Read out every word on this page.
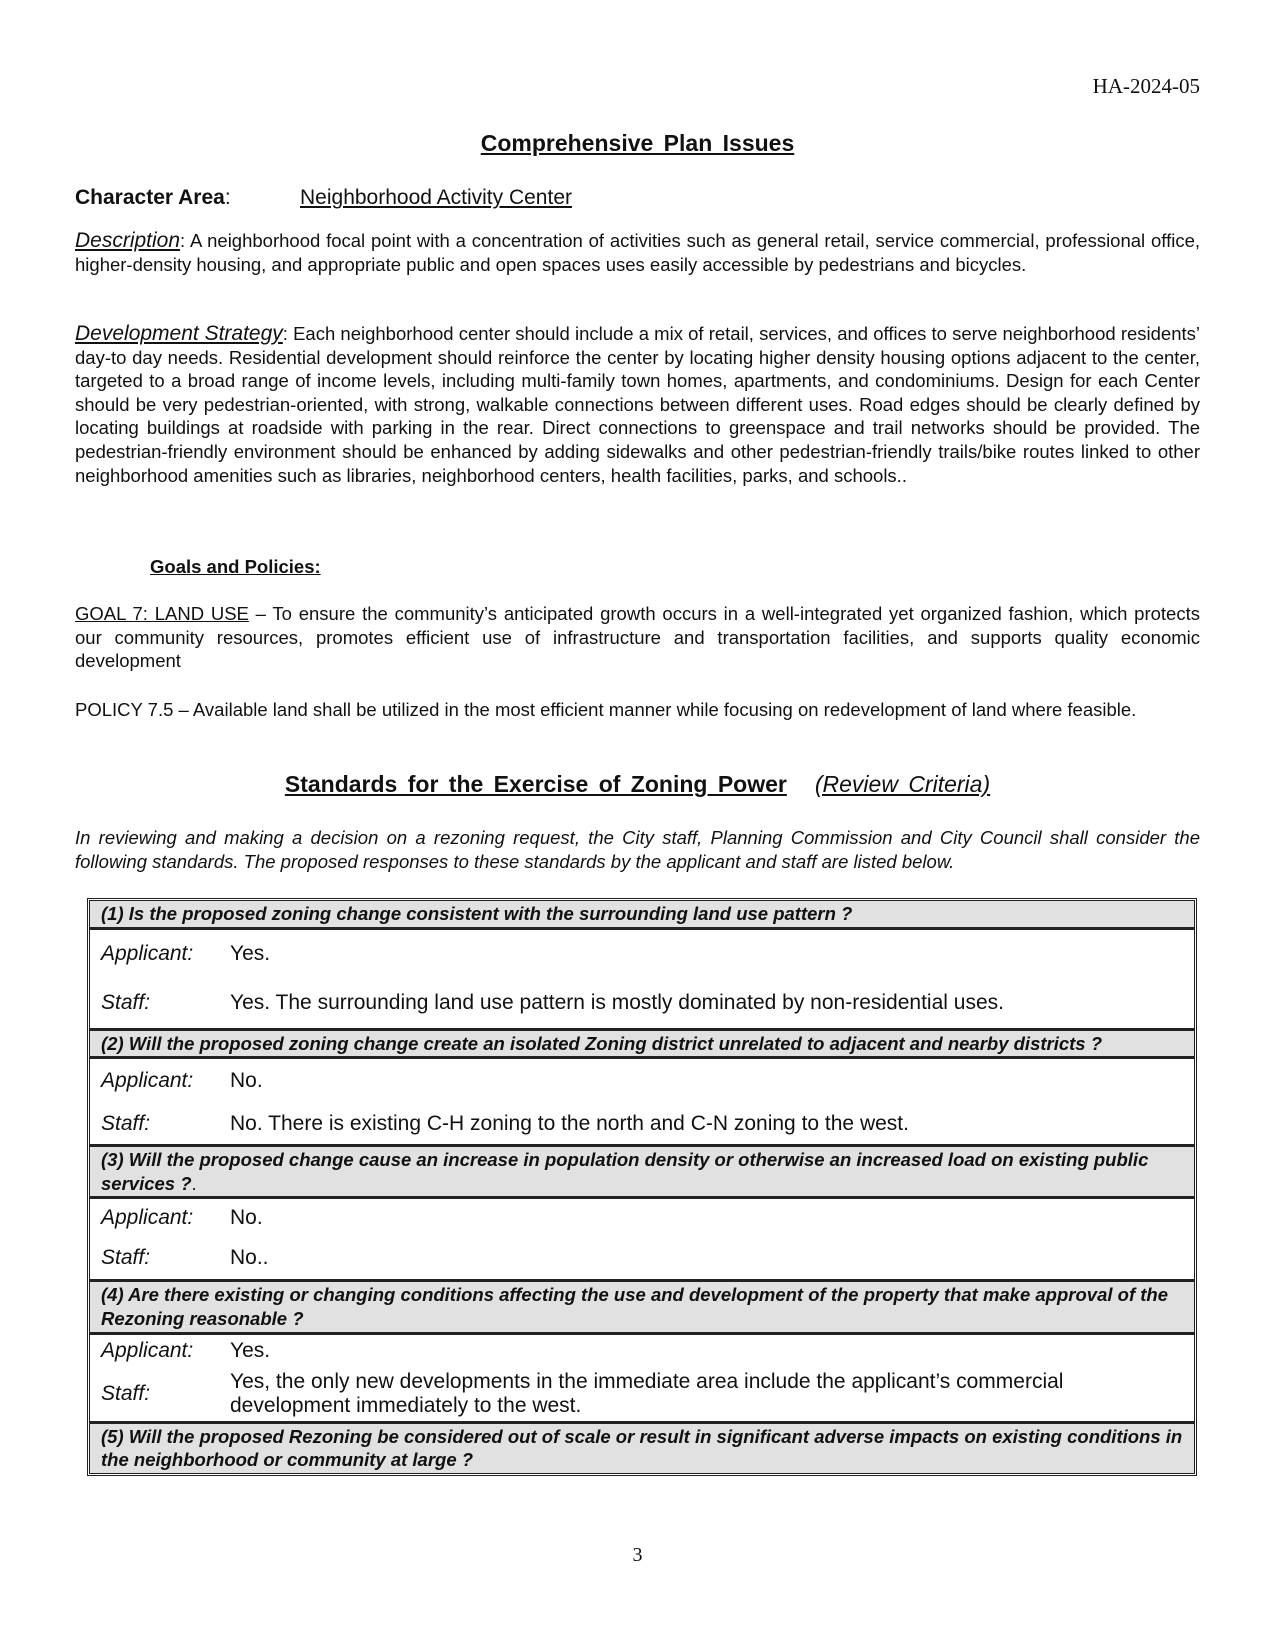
HA-2024-05
Comprehensive Plan Issues
Character Area:	Neighborhood Activity Center
Description: A neighborhood focal point with a concentration of activities such as general retail, service commercial, professional office, higher-density housing, and appropriate public and open spaces uses easily accessible by pedestrians and bicycles.
Development Strategy: Each neighborhood center should include a mix of retail, services, and offices to serve neighborhood residents’ day-to day needs. Residential development should reinforce the center by locating higher density housing options adjacent to the center, targeted to a broad range of income levels, including multi-family town homes, apartments, and condominiums. Design for each Center should be very pedestrian-oriented, with strong, walkable connections between different uses. Road edges should be clearly defined by locating buildings at roadside with parking in the rear. Direct connections to greenspace and trail networks should be provided. The pedestrian-friendly environment should be enhanced by adding sidewalks and other pedestrian-friendly trails/bike routes linked to other neighborhood amenities such as libraries, neighborhood centers, health facilities, parks, and schools..
Goals and Policies:
GOAL 7: LAND USE – To ensure the community’s anticipated growth occurs in a well-integrated yet organized fashion, which protects our community resources, promotes efficient use of infrastructure and transportation facilities, and supports quality economic development
POLICY 7.5 – Available land shall be utilized in the most efficient manner while focusing on redevelopment of land where feasible.
Standards for the Exercise of Zoning Power (Review Criteria)
In reviewing and making a decision on a rezoning request, the City staff, Planning Commission and City Council shall consider the following standards. The proposed responses to these standards by the applicant and staff are listed below.
(1) Is the proposed zoning change consistent with the surrounding land use pattern ?
Applicant:	Yes.
Staff:	Yes. The surrounding land use pattern is mostly dominated by non-residential uses.
(2) Will the proposed zoning change create an isolated Zoning district unrelated to adjacent and nearby districts ?
Applicant:	No.
Staff:	No. There is existing C-H zoning to the north and C-N zoning to the west.
(3) Will the proposed change cause an increase in population density or otherwise an increased load on existing public services ?.
Applicant:	No.
Staff:	No..
(4) Are there existing or changing conditions affecting the use and development of the property that make approval of the Rezoning reasonable ?
Applicant:	Yes.
Staff:
Yes, the only new developments in the immediate area include the applicant’s commercial development immediately to the west.
(5) Will the proposed Rezoning be considered out of scale or result in significant adverse impacts on existing conditions in the neighborhood or community at large ?
3
